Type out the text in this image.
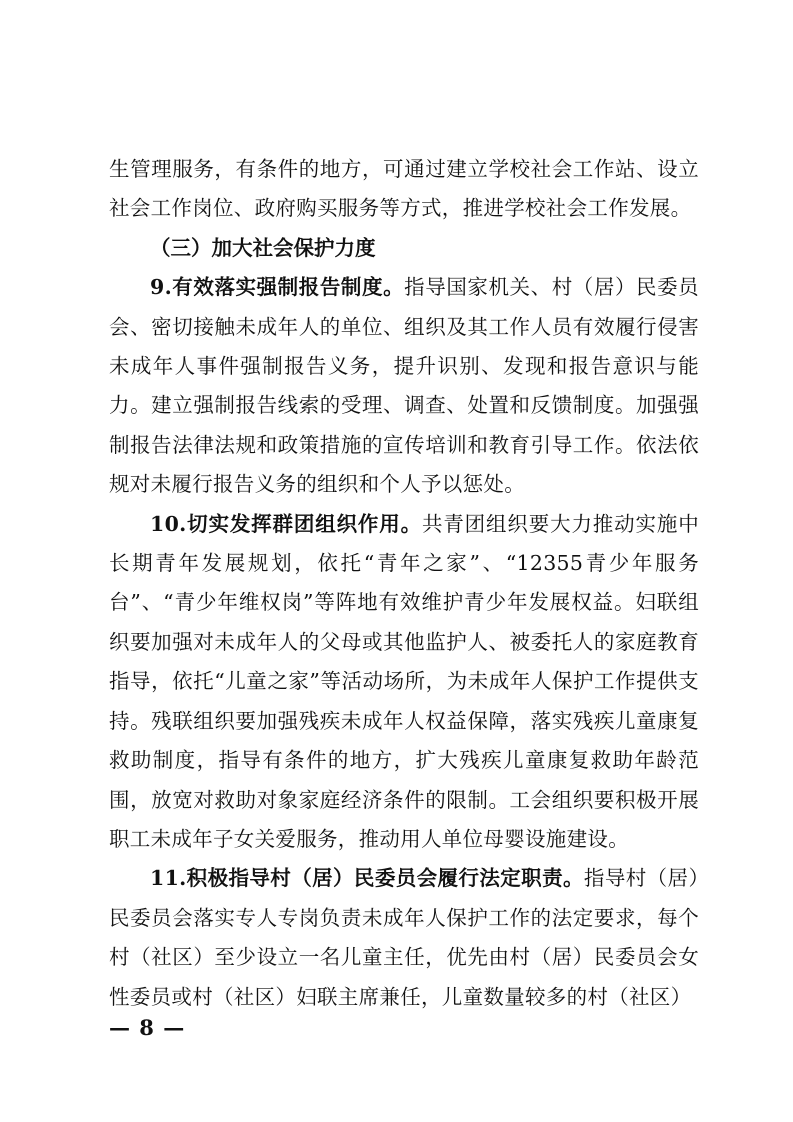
生管理服务，有条件的地方，可通过建立学校社会工作站、设立社会工作岗位、政府购买服务等方式，推进学校社会工作发展。

（三）加大社会保护力度

9.有效落实强制报告制度。指导国家机关、村（居）民委员会、密切接触未成年人的单位、组织及其工作人员有效履行侵害未成年人事件强制报告义务，提升识别、发现和报告意识与能力。建立强制报告线索的受理、调查、处置和反馈制度。加强强制报告法律法规和政策措施的宣传培训和教育引导工作。依法依规对未履行报告义务的组织和个人予以惩处。

10.切实发挥群团组织作用。共青团组织要大力推动实施中长期青年发展规划，依托“青年之家”、“12355青少年服务台”、“青少年维权岗”等阵地有效维护青少年发展权益。妇联组织要加强对未成年人的父母或其他监护人、被委托人的家庭教育指导，依托“儿童之家”等活动场所，为未成年人保护工作提供支持。残联组织要加强残疾未成年人权益保障，落实残疾儿童康复救助制度，指导有条件的地方，扩大残疾儿童康复救助年龄范围，放宽对救助对象家庭经济条件的限制。工会组织要积极开展职工未成年子女关爱服务，推动用人单位母婴设施建设。

11.积极指导村（居）民委员会履行法定职责。指导村（居）民委员会落实专人专岗负责未成年人保护工作的法定要求，每个村（社区）至少设立一名儿童主任，优先由村（居）民委员会女性委员或村（社区）妇联主席兼任，儿童数量较多的村（社区）

— 8 —
